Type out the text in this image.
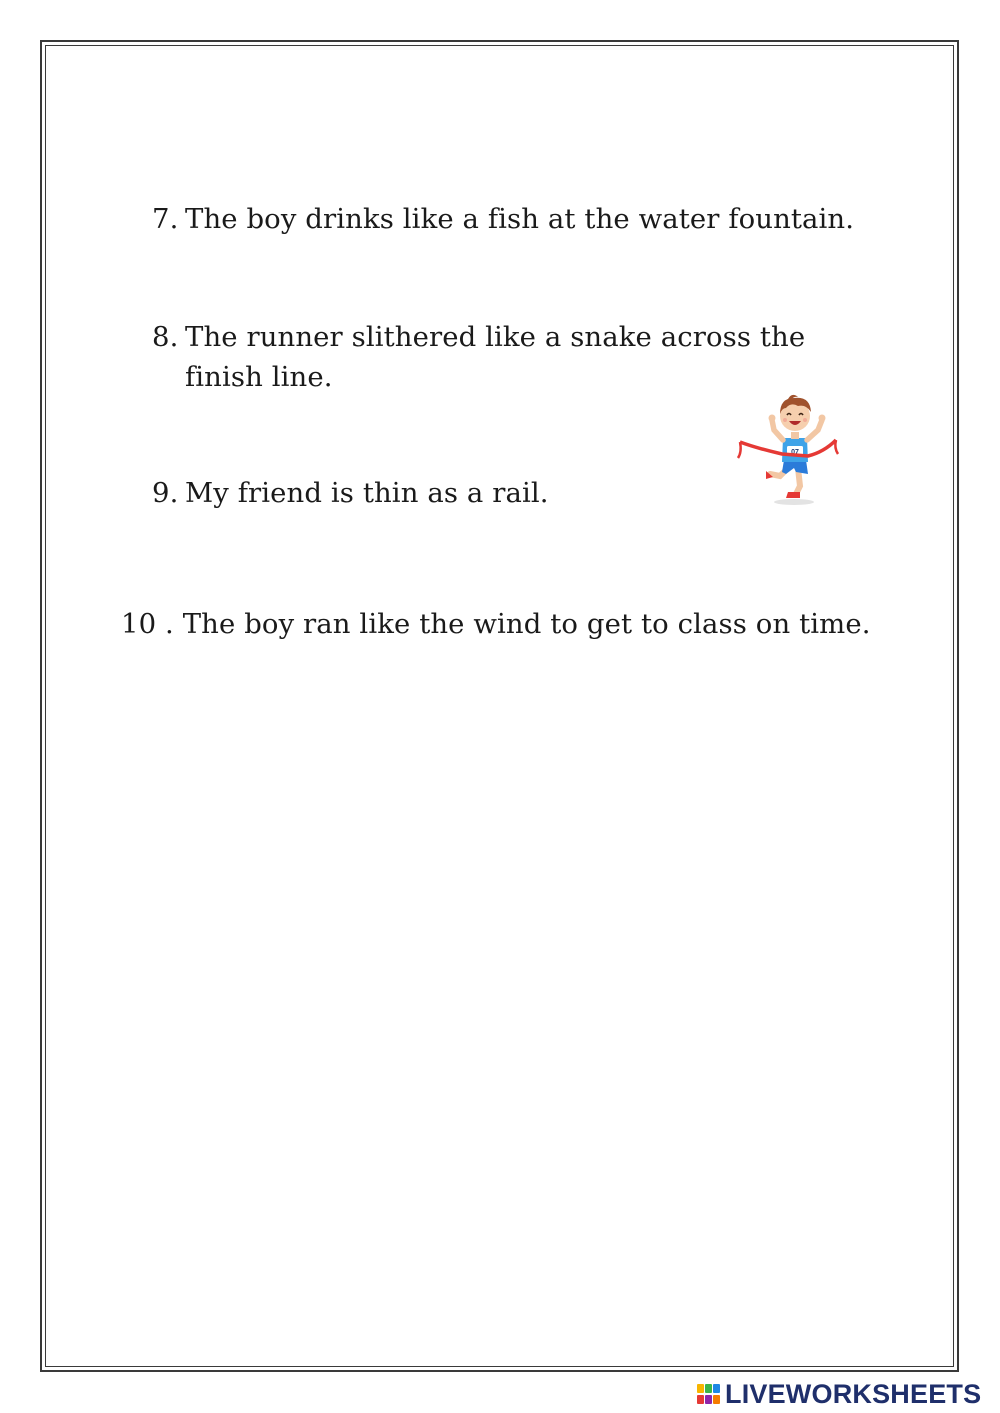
7. The boy drinks like a fish at the water fountain.
8. The runner slithered like a snake across the
finish line.
9. My friend is thin as a rail.
10 . The boy ran like the wind to get to class on time.
07
LIVEWORKSHEETS
